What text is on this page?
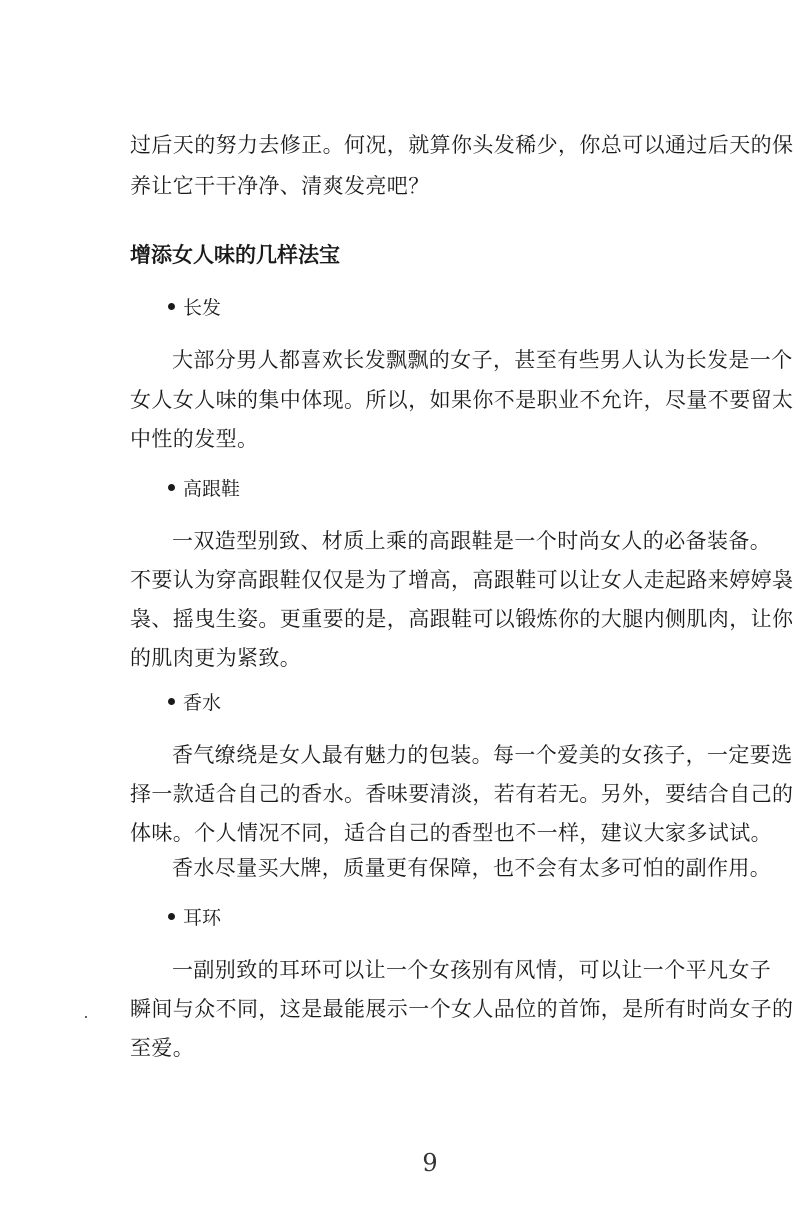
过后天的努力去修正。何况，就算你头发稀少，你总可以通过后天的保
养让它干干净净、清爽发亮吧？
增添女人味的几样法宝
长发
大部分男人都喜欢长发飘飘的女子，甚至有些男人认为长发是一个
女人女人味的集中体现。所以，如果你不是职业不允许，尽量不要留太
中性的发型。
高跟鞋
一双造型别致、材质上乘的高跟鞋是一个时尚女人的必备装备。
不要认为穿高跟鞋仅仅是为了增高，高跟鞋可以让女人走起路来婷婷袅
袅、摇曳生姿。更重要的是，高跟鞋可以锻炼你的大腿内侧肌肉，让你
的肌肉更为紧致。
香水
香气缭绕是女人最有魅力的包装。每一个爱美的女孩子，一定要选
择一款适合自己的香水。香味要清淡，若有若无。另外，要结合自己的
体味。个人情况不同，适合自己的香型也不一样，建议大家多试试。
香水尽量买大牌，质量更有保障，也不会有太多可怕的副作用。
耳环
一副别致的耳环可以让一个女孩别有风情，可以让一个平凡女子
瞬间与众不同，这是最能展示一个女人品位的首饰，是所有时尚女子的
至爱。
9
